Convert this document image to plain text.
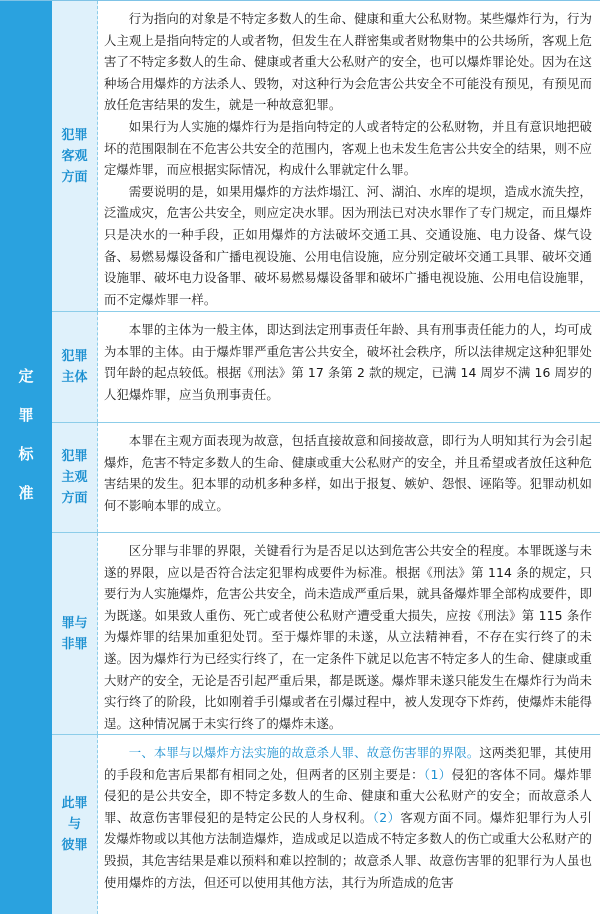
定
罪
标
准
犯罪
客观
方面

行为指向的对象是不特定多数人的生命、健康和重大公私财物。某些爆炸行为，行为人主观上是指向特定的人或者物，但发生在人群密集或者财物集中的公共场所，客观上危害了不特定多数人的生命、健康或者重大公私财产的安全，也可以爆炸罪论处。因为在这种场合用爆炸的方法杀人、毁物，对这种行为会危害公共安全不可能没有预见，有预见而放任危害结果的发生，就是一种故意犯罪。

如果行为人实施的爆炸行为是指向特定的人或者特定的公私财物，并且有意识地把破坏的范围限制在不危害公共安全的范围内，客观上也未发生危害公共安全的结果，则不应定爆炸罪，而应根据实际情况，构成什么罪就定什么罪。

需要说明的是，如果用爆炸的方法炸塌江、河、湖泊、水库的堤坝，造成水流失控，泛滥成灾，危害公共安全，则应定决水罪。因为刑法已对决水罪作了专门规定，而且爆炸只是决水的一种手段，正如用爆炸的方法破坏交通工具、交通设施、电力设备、煤气设备、易燃易爆设备和广播电视设施、公用电信设施，应分别定破坏交通工具罪、破坏交通设施罪、破坏电力设备罪、破坏易燃易爆设备罪和破坏广播电视设施、公用电信设施罪，而不定爆炸罪一样。

犯罪
主体

本罪的主体为一般主体，即达到法定刑事责任年龄、具有刑事责任能力的人，均可成为本罪的主体。由于爆炸罪严重危害公共安全，破坏社会秩序，所以法律规定这种犯罪处罚年龄的起点较低。根据《刑法》第 17 条第 2 款的规定，已满 14 周岁不满 16 周岁的人犯爆炸罪，应当负刑事责任。

犯罪
主观
方面

本罪在主观方面表现为故意，包括直接故意和间接故意，即行为人明知其行为会引起爆炸，危害不特定多数人的生命、健康或重大公私财产的安全，并且希望或者放任这种危害结果的发生。犯本罪的动机多种多样，如出于报复、嫉妒、怨恨、诬陷等。犯罪动机如何不影响本罪的成立。

罪与
非罪

区分罪与非罪的界限，关键看行为是否足以达到危害公共安全的程度。本罪既遂与未遂的界限，应以是否符合法定犯罪构成要件为标准。根据《刑法》第 114 条的规定，只要行为人实施爆炸，危害公共安全，尚未造成严重后果，就具备爆炸罪全部构成要件，即为既遂。如果致人重伤、死亡或者使公私财产遭受重大损失，应按《刑法》第 115 条作为爆炸罪的结果加重犯处罚。至于爆炸罪的未遂，从立法精神看，不存在实行终了的未遂。因为爆炸行为已经实行终了，在一定条件下就足以危害不特定多人的生命、健康或重大财产的安全，无论是否引起严重后果，都是既遂。爆炸罪未遂只能发生在爆炸行为尚未实行终了的阶段，比如刚着手引爆或者在引爆过程中，被人发现夺下炸药，使爆炸未能得逞。这种情况属于未实行终了的爆炸未遂。

此罪
与
彼罪

一、本罪与以爆炸方法实施的故意杀人罪、故意伤害罪的界限。这两类犯罪，其使用的手段和危害后果都有相同之处，但两者的区别主要是：（1）侵犯的客体不同。爆炸罪侵犯的是公共安全，即不特定多数人的生命、健康和重大公私财产的安全；而故意杀人罪、故意伤害罪侵犯的是特定公民的人身权利。（2）客观方面不同。爆炸犯罪行为人引发爆炸物或以其他方法制造爆炸，造成或足以造成不特定多数人的伤亡或重大公私财产的毁损，其危害结果是难以预料和难以控制的；故意杀人罪、故意伤害罪的犯罪行为人虽也使用爆炸的方法，但还可以使用其他方法，其行为所造成的危害
